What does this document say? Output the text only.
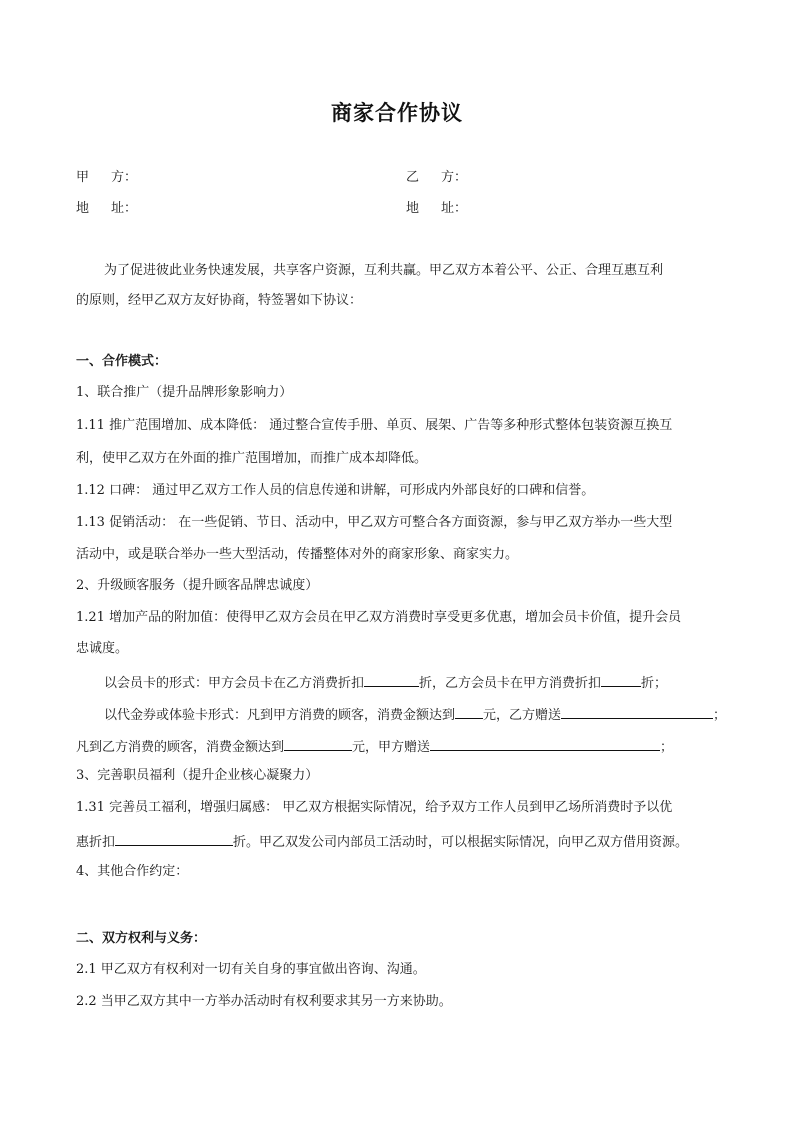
商家合作协议
甲 方：	乙 方：
地 址：	地 址：
为了促进彼此业务快速发展，共享客户资源，互利共赢。甲乙双方本着公平、公正、合理互惠互利
的原则，经甲乙双方友好协商，特签署如下协议：
一、合作模式：
1、联合推广（提升品牌形象影响力）
1.11 推广范围增加、成本降低： 通过整合宣传手册、单页、展架、广告等多种形式整体包装资源互换互
利，使甲乙双方在外面的推广范围增加，而推广成本却降低。
1.12 口碑： 通过甲乙双方工作人员的信息传递和讲解，可形成内外部良好的口碑和信誉。
1.13 促销活动： 在一些促销、节日、活动中，甲乙双方可整合各方面资源，参与甲乙双方举办一些大型
活动中，或是联合举办一些大型活动，传播整体对外的商家形象、商家实力。
2、升级顾客服务（提升顾客品牌忠诚度）
1.21 增加产品的附加值：使得甲乙双方会员在甲乙双方消费时享受更多优惠，增加会员卡价值，提升会员
忠诚度。
以会员卡的形式：甲方会员卡在乙方消费折扣	折，乙方会员卡在甲方消费折扣	折；
以代金券或体验卡形式：凡到甲方消费的顾客，消费金额达到 元，乙方赠送	；
凡到乙方消费的顾客，消费金额达到	元，甲方赠送	；
3、完善职员福利（提升企业核心凝聚力）
1.31 完善员工福利，增强归属感： 甲乙双方根据实际情况，给予双方工作人员到甲乙场所消费时予以优
惠折扣	折。甲乙双发公司内部员工活动时，可以根据实际情况，向甲乙双方借用资源。
4、其他合作约定：
二、双方权利与义务：
2.1 甲乙双方有权利对一切有关自身的事宜做出咨询、沟通。
2.2 当甲乙双方其中一方举办活动时有权利要求其另一方来协助。
